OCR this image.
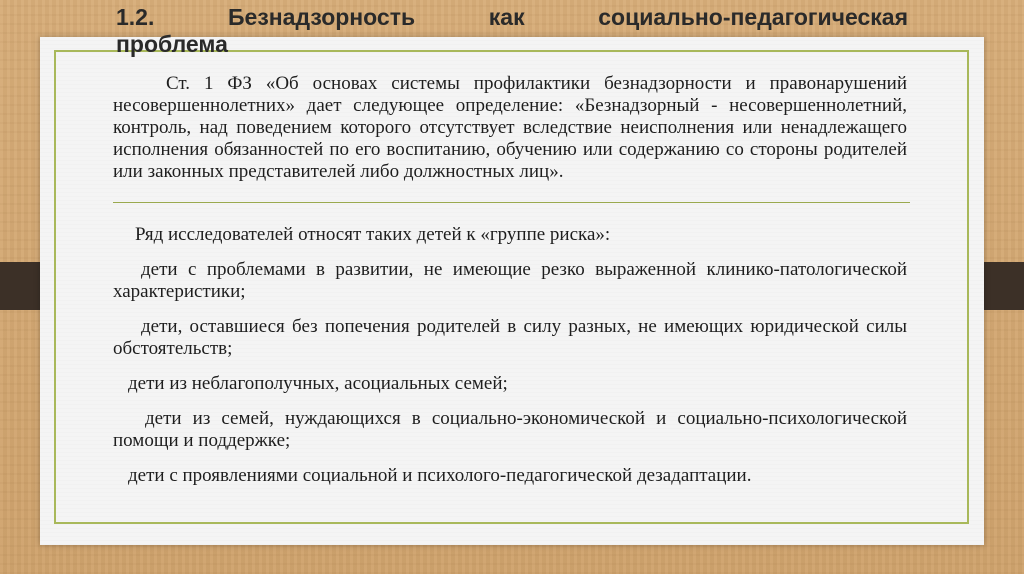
1.2.	Безнадзорность	как	социально-педагогическая
проблема

Ст. 1 ФЗ «Об основах системы профилактики безнадзорности и правонарушений несовершеннолетних» дает следующее определение: «Безнадзорный - несовершеннолетний, контроль, над поведением которого отсутствует вследствие неисполнения или ненадлежащего исполнения обязанностей по его воспитанию, обучению или содержанию со стороны родителей или законных представителей либо должностных лиц».

Ряд исследователей относят таких детей к «группе риска»:

дети с проблемами в развитии, не имеющие резко выраженной клинико-патологической характеристики;

дети, оставшиеся без попечения родителей в силу разных, не имеющих юридической силы обстоятельств;

дети из неблагополучных, асоциальных семей;

дети из семей, нуждающихся в социально-экономической и социально-психологической помощи и поддержке;

дети с проявлениями социальной и психолого-педагогической дезадаптации.
